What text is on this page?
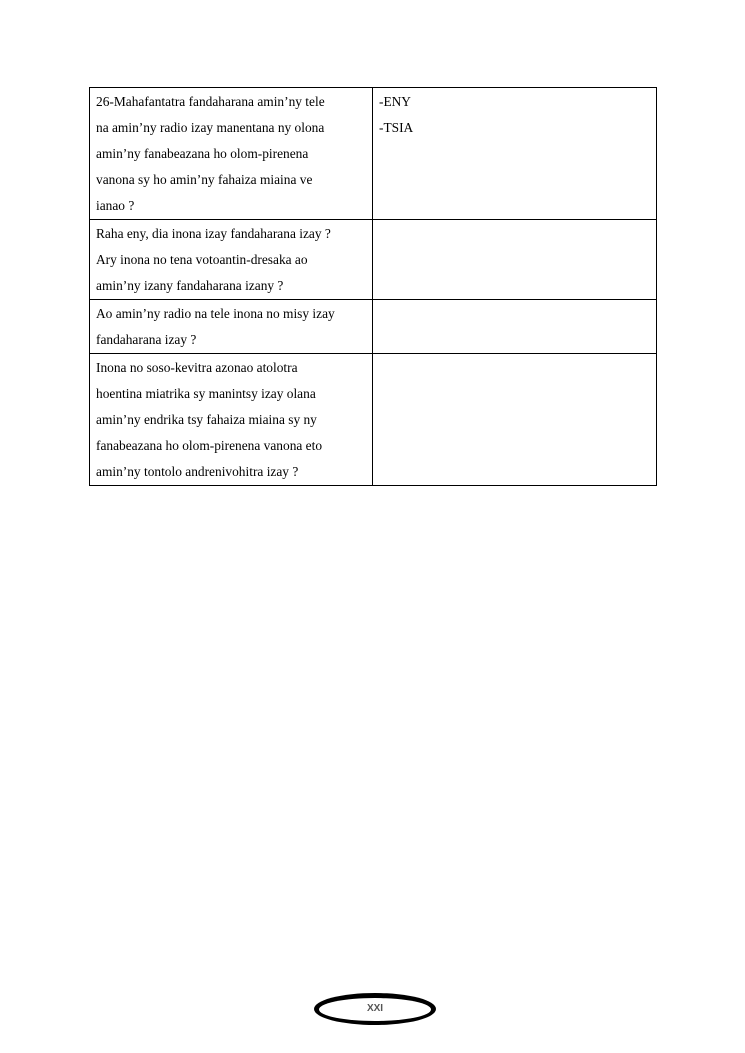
26-Mahafantatra fandaharana amin’ny tele
na amin’ny radio izay manentana ny olona
amin’ny fanabeazana ho olom-pirenena
vanona sy ho amin’ny fahaiza miaina ve
ianao ?	-ENY
-TSIA

Raha eny, dia inona izay fandaharana izay ?
Ary inona no tena votoantin-dresaka ao
amin’ny izany fandaharana izany ?	

Ao amin’ny radio na tele inona no misy izay
fandaharana izay ?	

Inona no soso-kevitra azonao atolotra
hoentina miatrika sy manintsy izay olana
amin’ny endrika tsy fahaiza miaina sy ny
fanabeazana ho olom-pirenena vanona eto
amin’ny tontolo andrenivohitra izay ?	

XXI
